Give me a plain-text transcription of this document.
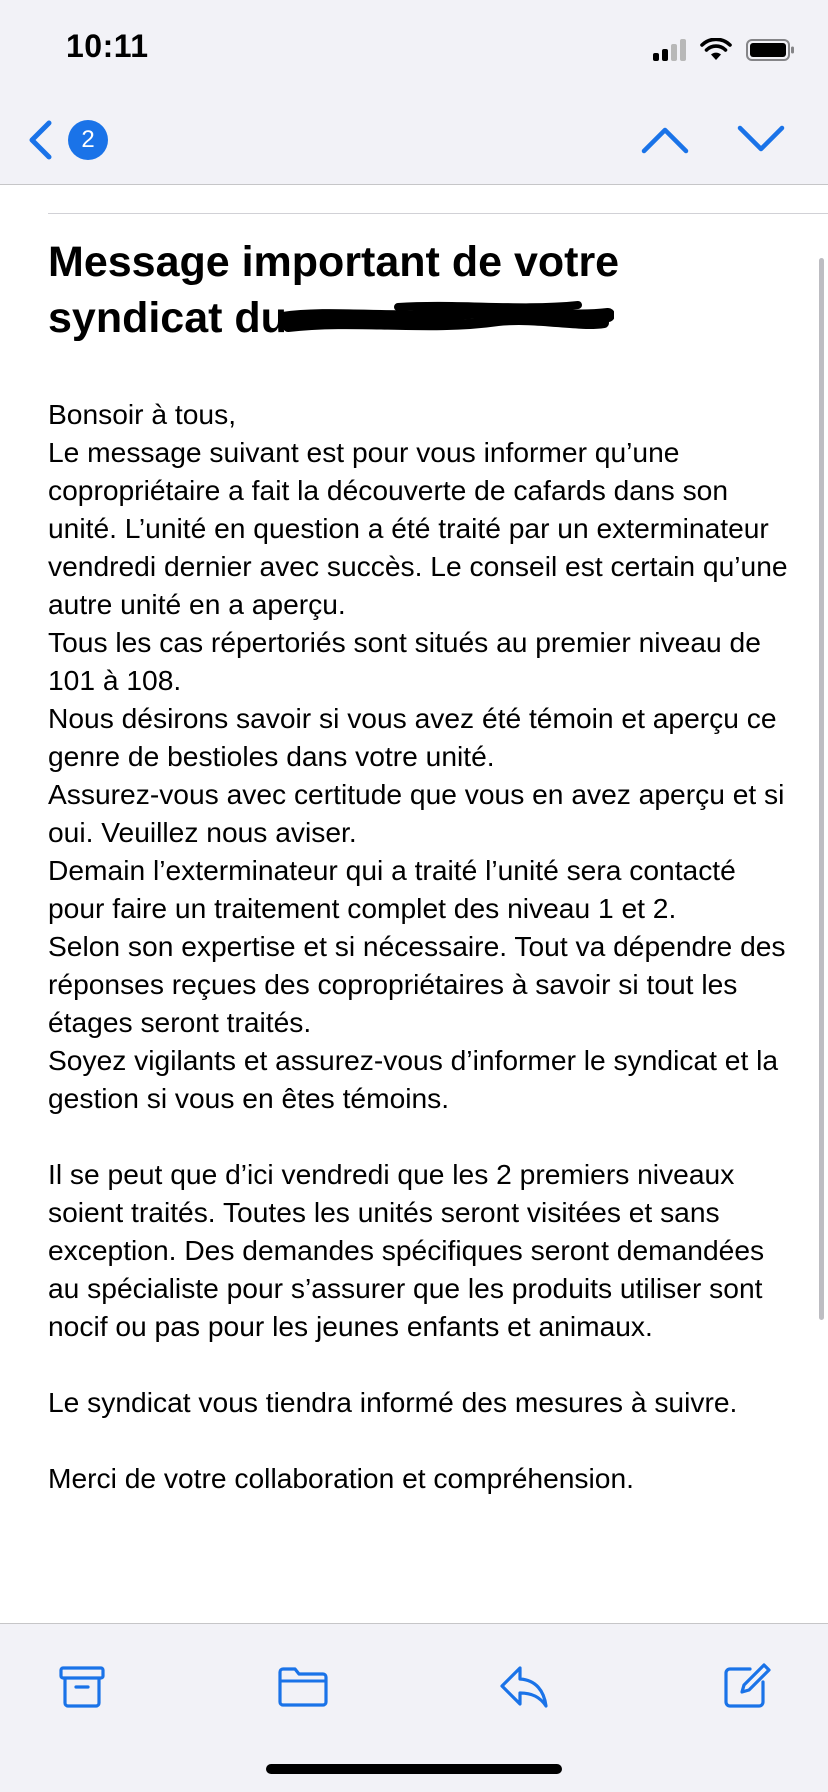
10:11
2
Message important de votre syndicat du

Bonsoir à tous,

Le message suivant est pour vous informer qu’une copropriétaire a fait la découverte de cafards dans son unité. L’unité en question a été traité par un exterminateur vendredi dernier avec succès. Le conseil est certain qu’une autre unité en a aperçu.

Tous les cas répertoriés sont situés au premier niveau de 101 à 108.

Nous désirons savoir si vous avez été témoin et aperçu ce genre de bestioles dans votre unité.

Assurez-vous avec certitude que vous en avez aperçu et si oui. Veuillez nous aviser.

Demain l’exterminateur qui a traité l’unité sera contacté pour faire un traitement complet des niveau 1 et 2.

Selon son expertise et si nécessaire. Tout va dépendre des réponses reçues des copropriétaires à savoir si tout les étages seront traités.

Soyez vigilants et assurez-vous d’informer le syndicat et la gestion si vous en êtes témoins.

Il se peut que d’ici vendredi que les 2 premiers niveaux soient traités. Toutes les unités seront visitées et sans exception. Des demandes spécifiques seront demandées au spécialiste pour s’assurer que les produits utiliser sont nocif ou pas pour les jeunes enfants et animaux.

Le syndicat vous tiendra informé des mesures à suivre.

Merci de votre collaboration et compréhension.
